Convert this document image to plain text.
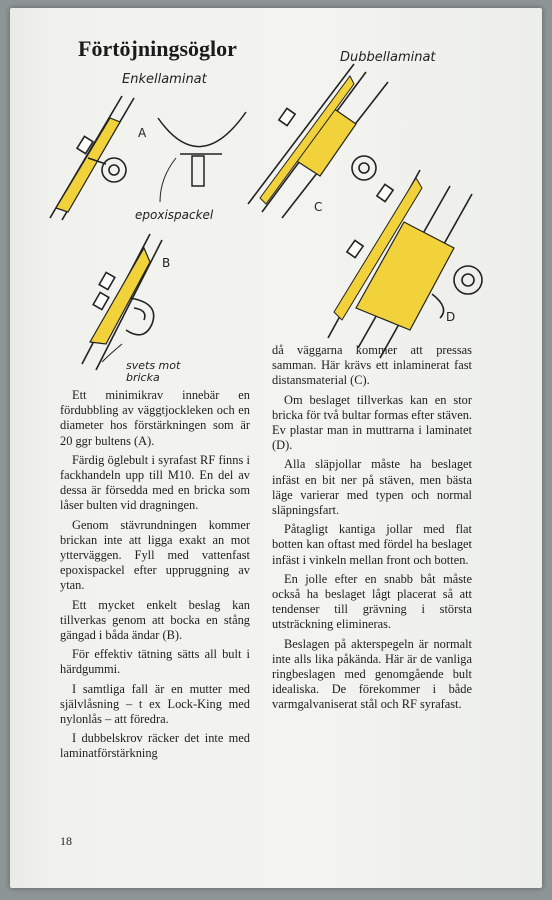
Förtöjningsöglor

Enkellaminat

Dubbellaminat

epoxispackel

svets mot bricka

A

B

C

D

Ett minimikrav innebär en fördubbling av väggtjockleken och en diameter hos förstärkningen som är 20 ggr bultens (A).

Färdig öglebult i syrafast RF finns i fackhandeln upp till M10. En del av dessa är försedda med en bricka som låser bulten vid dragningen.

Genom stävrundningen kommer brickan inte att ligga exakt an mot ytterväggen. Fyll med vattenfast epoxispackel efter uppruggning av ytan.

Ett mycket enkelt beslag kan tillverkas genom att bocka en stång gängad i båda ändar (B).

För effektiv tätning sätts all bult i härdgummi.

I samtliga fall är en mutter med självlåsning – t ex Lock-King med nylonlås – att föredra.

I dubbelskrov räcker det inte med laminatförstärkning

då väggarna kommer att pressas samman. Här krävs ett inlaminerat fast distansmaterial (C).

Om beslaget tillverkas kan en stor bricka för två bultar formas efter stäven. Ev plastar man in muttrarna i laminatet (D).

Alla släpjollar måste ha beslaget infäst en bit ner på stäven, men bästa läge varierar med typen och normal släpningsfart.

Påtagligt kantiga jollar med flat botten kan oftast med fördel ha beslaget infäst i vinkeln mellan front och botten.

En jolle efter en snabb båt måste också ha beslaget lågt placerat så att tendenser till grävning i största utsträckning elimineras.

Beslagen på akterspegeln är normalt inte alls lika påkända. Här är de vanliga ringbeslagen med genomgående bult idealiska. De förekommer i både varmgalvaniserat stål och RF syrafast.

18
